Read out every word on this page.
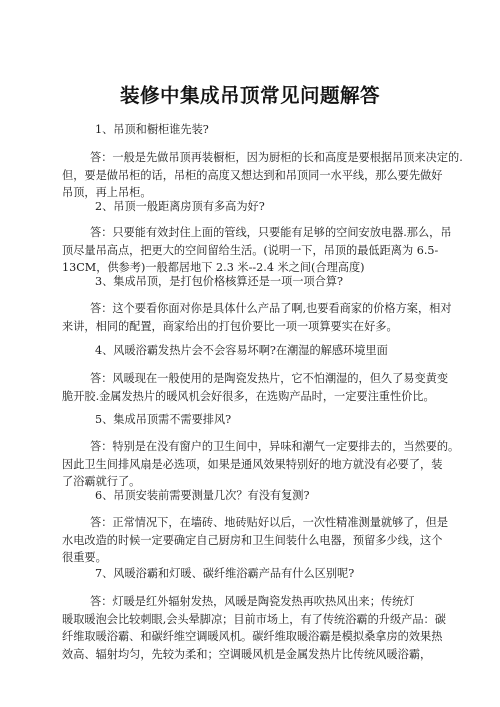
装修中集成吊顶常见问题解答

1、吊顶和橱柜谁先装?

答：一般是先做吊顶再装橱柜，因为厨柜的长和高度是要根据吊顶来决定的.
但，要是做吊柜的话，吊柜的高度又想达到和吊顶同一水平线，那么要先做好
吊顶，再上吊柜。

2、吊顶一般距离房顶有多高为好?

答：只要能有效封住上面的管线，只要能有足够的空间安放电器.那么，吊
顶尽量吊高点，把更大的空间留给生活。(说明一下，吊顶的最低距离为 6.5-
13CM，供参考)一般都居地下 2.3 米--2.4 米之间(合理高度)

3、集成吊顶，是打包价格核算还是一项一项合算?

答：这个要看你面对你是具体什么产品了啊,也要看商家的价格方案，相对
来讲，相同的配置，商家给出的打包价要比一项一项算要实在好多。

4、风暖浴霸发热片会不会容易坏啊?在潮湿的解感环境里面

答：风暖现在一般使用的是陶瓷发热片，它不怕潮湿的，但久了易变黄变
脆开胶.金属发热片的暖风机会好很多，在选购产品时，一定要注重性价比。

5、集成吊顶需不需要排风?

答：特别是在没有窗户的卫生间中，异味和潮气一定要排去的，当然要的。
因此卫生间排风扇是必选项，如果是通风效果特别好的地方就没有必要了，装
了浴霸就行了。

6、吊顶安装前需要测量几次？有没有复测?

答：正常情况下，在墙砖、地砖贴好以后，一次性精准测量就够了，但是
水电改造的时候一定要确定自己厨房和卫生间装什么电器，预留多少线，这个
很重要。

7、风暖浴霸和灯暖、碳纤维浴霸产品有什么区别呢?

答：灯暖是红外辐射发热，风暖是陶瓷发热再吹热风出来；传统灯
暖取暖泡会比较刺眼,会头晕脚凉；目前市场上，有了传统浴霸的升级产品：碳
纤维取暖浴霸、和碳纤维空调暖风机。碳纤维取暖浴霸是模拟桑拿房的效果热
效高、辐射均匀，先较为柔和；空调暖风机是金属发热片比传统风暖浴霸，
